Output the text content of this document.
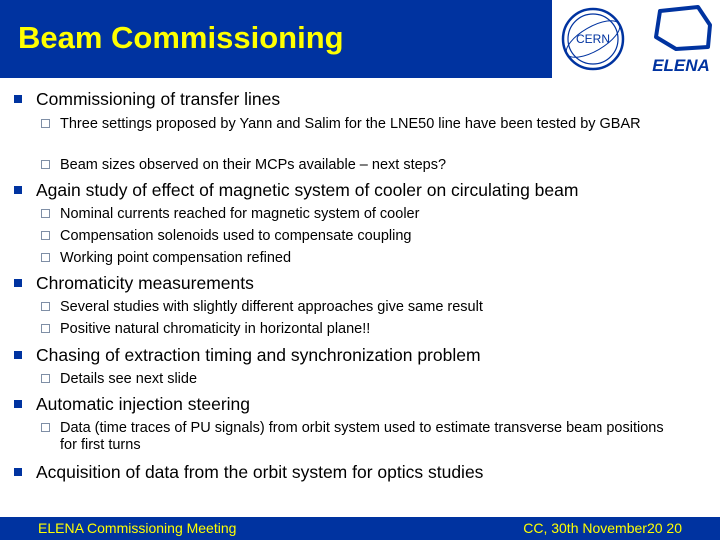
Beam Commissioning	CERN
ELENA
Commissioning of transfer lines
Three settings proposed by Yann and Salim for the LNE50 line have been tested by GBAR
Beam sizes observed on their MCPs available – next steps?
Again study of effect of magnetic system of cooler on circulating beam
Nominal currents reached for magnetic system of cooler
Compensation solenoids used to compensate coupling
Working point compensation refined
Chromaticity measurements
Several studies with slightly different approaches give same result
Positive natural chromaticity in horizontal plane!!
Chasing of extraction timing and synchronization problem
Details see next slide
Automatic injection steering
Data (time traces of PU signals) from orbit system used to estimate transverse beam positions for first turns
Acquisition of data from the orbit system for optics studies
ELENA Commissioning Meeting	CC, 30th November20 20
